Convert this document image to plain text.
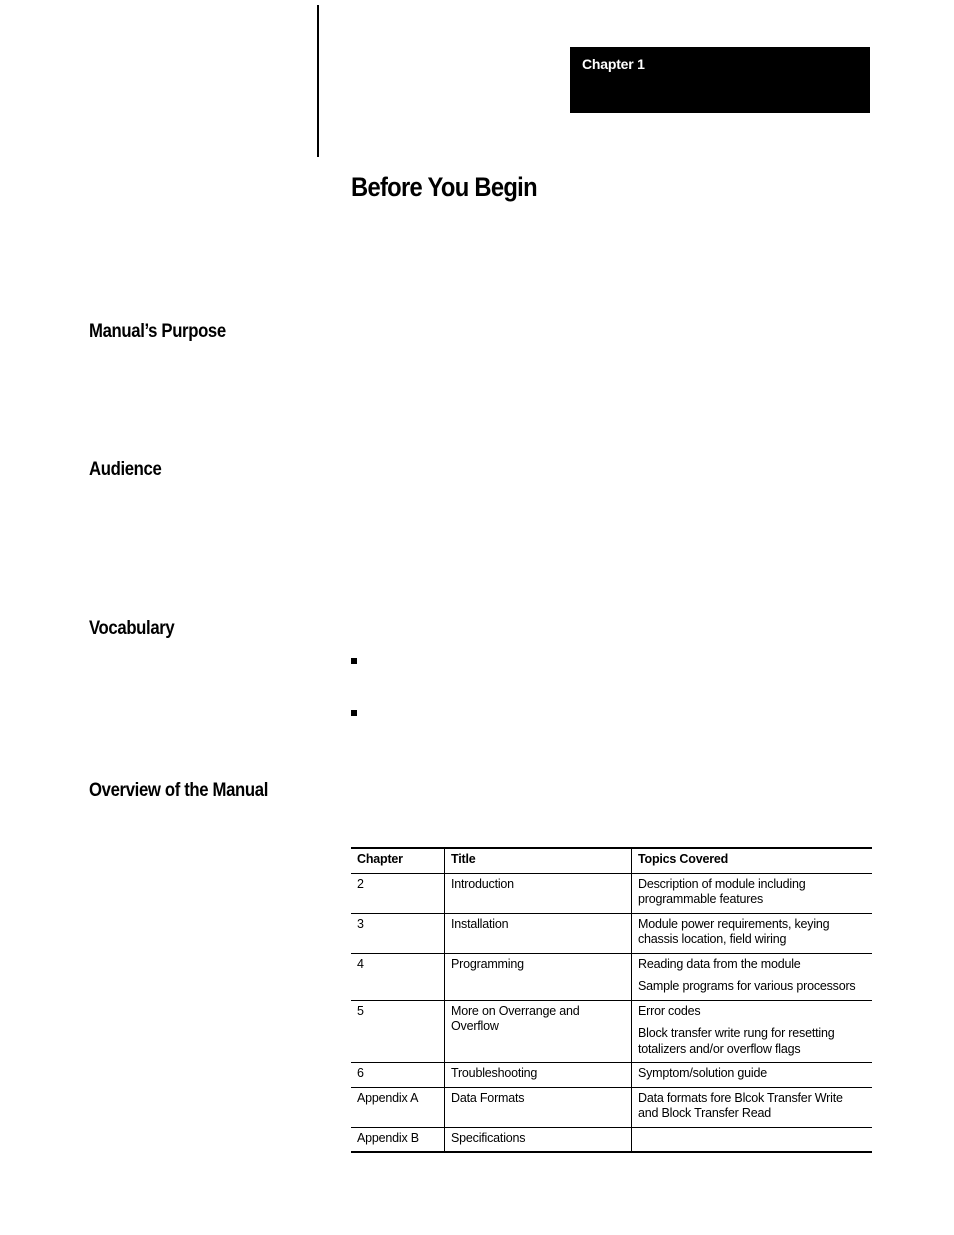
Chapter 1
Before You Begin
Manual’s Purpose
Audience
Vocabulary
Overview of the Manual
Chapter	Title	Topics Covered
2	Introduction	Description of module including programmable features

3	Installation	Module power requirements, keying chassis location, field wiring

4	Programming	Reading data from the module
Sample programs for various processors

5	More on Overrange and Overflow	Error codes
Block transfer write rung for resetting totalizers and/or overflow flags

6	Troubleshooting	Symptom/solution guide

Appendix A	Data Formats	Data formats fore Blcok Transfer Write and Block Transfer Read

Appendix B	Specifications	
